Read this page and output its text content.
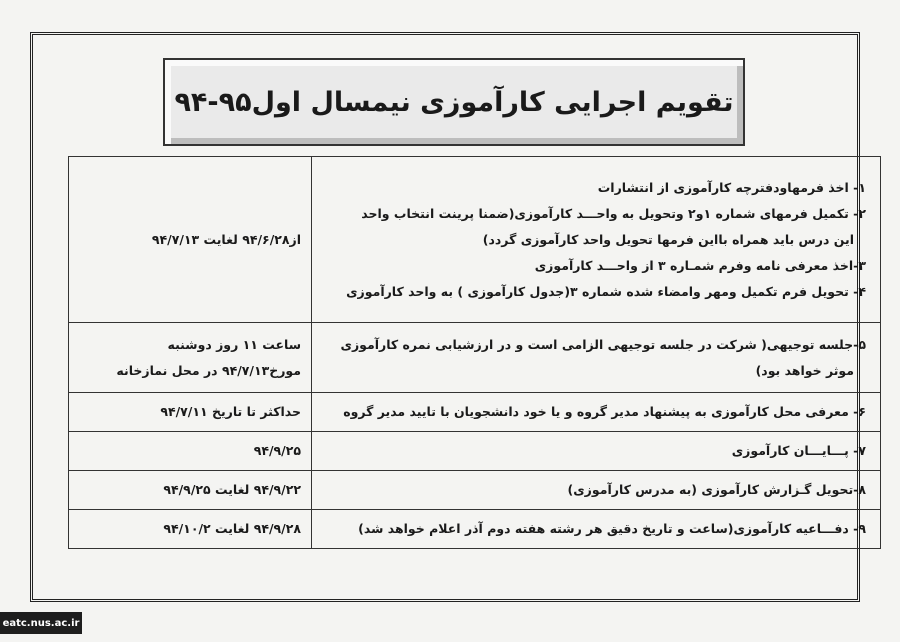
تقویم اجرایی کارآموزی نیمسال اول۹۵-۹۴
۱- اخذ فرمهاودفترچه کارآموزی از انتشارات
۲- تکمیل فرمهای شماره ۱و۲ وتحویل به واحـــد کارآموزی(ضمنا پرینت انتخاب واحد
این درس باید همراه بااین فرمها تحویل واحد کارآموزی گردد)
۳-اخذ معرفی نامه وفرم شمـاره ۳ از واحـــد کارآموزی
۴- تحویل فرم تکمیل ومهر وامضاء شده شماره ۳(جدول کارآموزی ) به واحد کارآموزی	از۹۴/۶/۲۸ لغایت ۹۴/۷/۱۳

۵-جلسه توجیهی( شرکت در جلسه توجیهی الزامی است و در ارزشیابی نمره کارآموزی
موثر خواهد بود)	ساعت ۱۱ روز دوشنبه
مورخ۹۴/۷/۱۳ در محل نمازخانه

۶- معرفی محل کارآموزی به پیشنهاد مدیر گروه و یا خود دانشجویان با تایید مدیر گروه	حداکثر تا تاریخ ۹۴/۷/۱۱

۷- پـــایـــان کارآموزی	۹۴/۹/۲۵

۸-تحویل گـزارش کارآموزی (به مدرس کارآموزی)	۹۴/۹/۲۲ لغایت ۹۴/۹/۲۵

۹- دفـــاعیه کارآموزی(ساعت و تاریخ دقیق هر رشته هفته دوم آذر اعلام خواهد شد)	۹۴/۹/۲۸ لغایت ۹۴/۱۰/۲
eatc.nus.ac.ir
